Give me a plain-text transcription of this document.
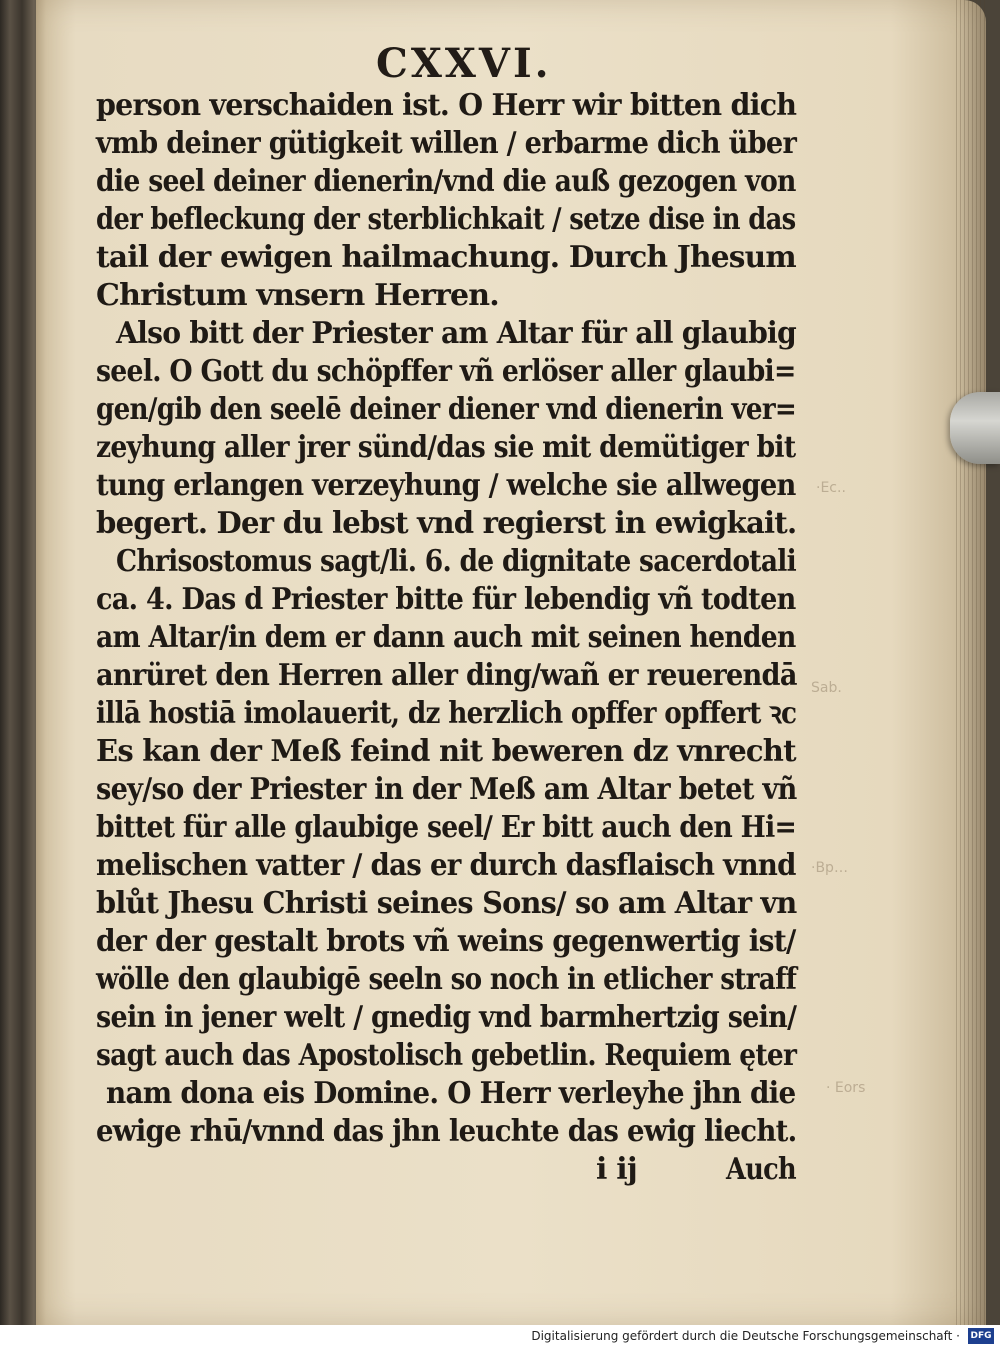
·Ec..
Sab.
·Bp…
· Eors
CXXVI.
person verschaiden ist. O Herr wir bitten dich
vmb deiner gütigkeit willen / erbarme dich über
die seel deiner dienerin/vnd die auß gezogen von
der befleckung der sterblichkait / setze dise in das
tail der ewigen hailmachung. Durch Jhesum
Christum vnsern Herren.
Also bitt der Priester am Altar für all glaubig
seel. O Gott du schöpffer vñ erlöser aller glaubi=
gen/gib den seelē deiner diener vnd dienerin ver=
zeyhung aller jrer sünd/das sie mit demütiger bit
tung erlangen verzeyhung / welche sie allwegen
begert. Der du lebst vnd regierst in ewigkait.
Chrisostomus sagt/li. 6. de dignitate sacerdotali
ca. 4. Das d Priester bitte für lebendig vñ todten
am Altar/in dem er dann auch mit seinen henden
anrüret den Herren aller ding/wañ er reuerendā
illā hostiā imolauerit, dz herzlich opffer opffert ꝛc
Es kan der Meß feind nit beweren dz vnrecht
sey/so der Priester in der Meß am Altar betet vñ
bittet für alle glaubige seel/ Er bitt auch den Hi=
melischen vatter / das er durch dasflaisch vnnd
blůt Jhesu Christi seines Sons/ so am Altar vn
der der gestalt brots vñ weins gegenwertig ist/
wölle den glaubigē seeln so noch in etlicher straff
sein in jener welt / gnedig vnd barmhertzig sein/
sagt auch das Apostolisch gebetlin. Requiem ęter
nam dona eis Domine. O Herr verleyhe jhn die
ewige rhū/vnnd das jhn leuchte das ewig liecht.
i ij	Auch
Digitalisierung gefördert durch die Deutsche Forschungsgemeinschaft · DFG
